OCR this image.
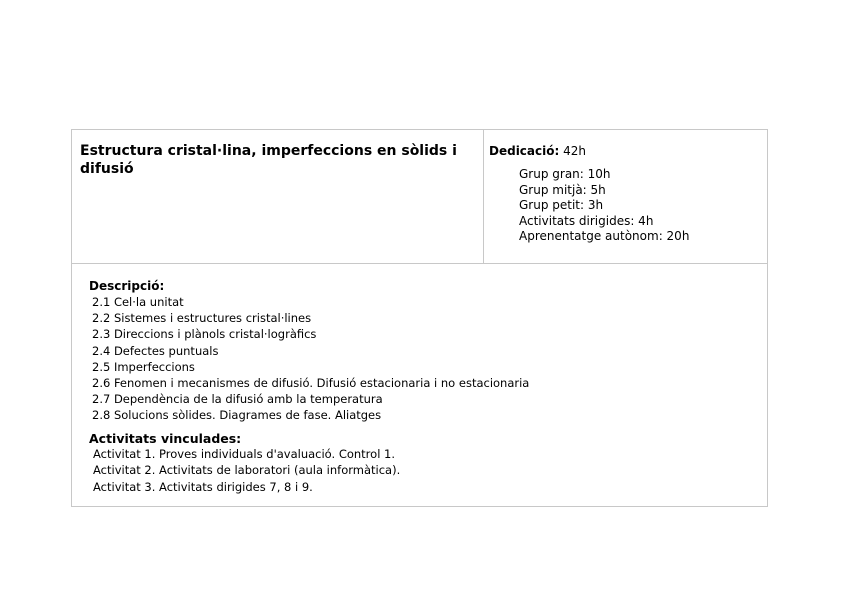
Estructura cristal·lina, imperfeccions en sòlids i difusió

Dedicació: 42h

Grup gran: 10h
Grup mitjà: 5h
Grup petit: 3h
Activitats dirigides: 4h
Aprenentatge autònom: 20h

Descripció:

2.1 Cel·la unitat
2.2 Sistemes i estructures cristal·lines
2.3 Direccions i plànols cristal·logràfics
2.4 Defectes puntuals
2.5 Imperfeccions
2.6 Fenomen i mecanismes de difusió. Difusió estacionaria i no estacionaria
2.7 Dependència de la difusió amb la temperatura
2.8 Solucions sòlides. Diagrames de fase. Aliatges

Activitats vinculades:

Activitat 1. Proves individuals d'avaluació. Control 1.
Activitat 2. Activitats de laboratori (aula informàtica).
Activitat 3. Activitats dirigides 7, 8 i 9.
